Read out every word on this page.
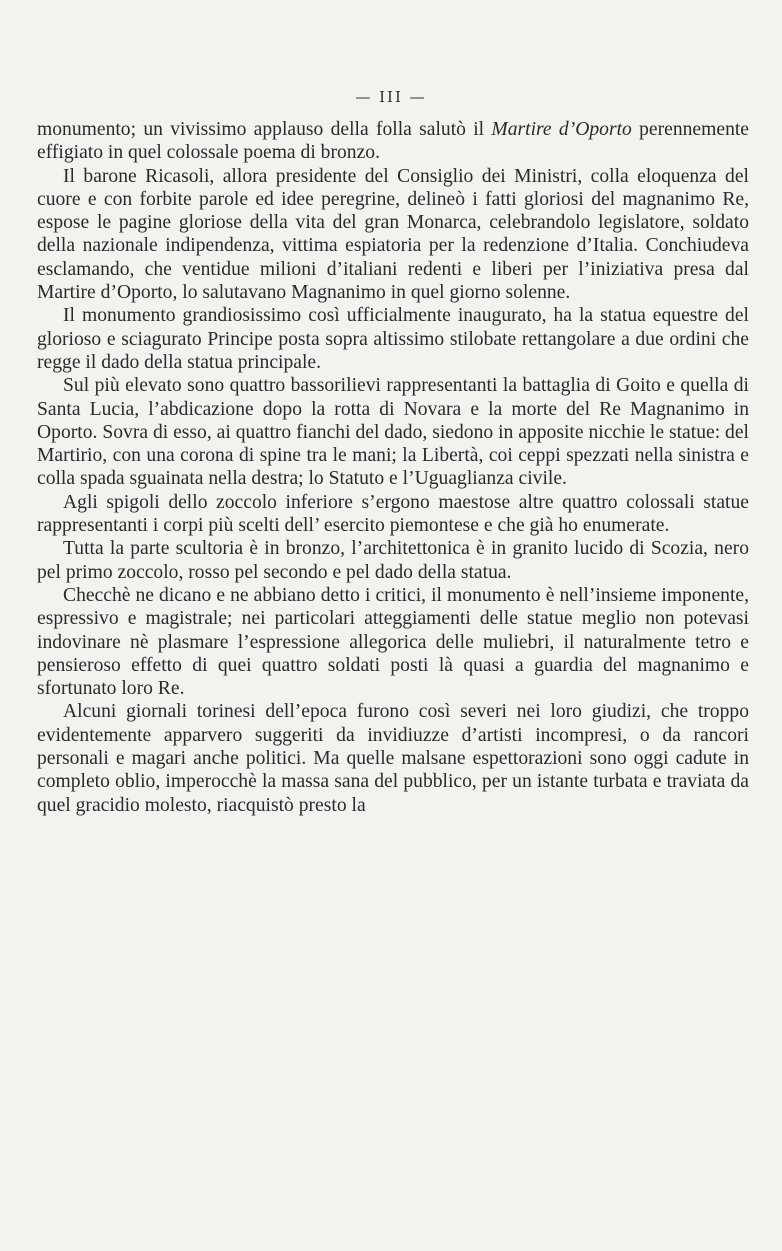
— III —

monumento; un vivissimo applauso della folla salutò il Martire d’Oporto perennemente effigiato in quel colossale poema di bronzo.

Il barone Ricasoli, allora presidente del Consiglio dei Ministri, colla eloquenza del cuore e con forbite parole ed idee peregrine, delineò i fatti gloriosi del magnanimo Re, espose le pagine gloriose della vita del gran Monarca, celebrandolo legislatore, soldato della nazionale indipendenza, vittima espiatoria per la redenzione d’Italia. Conchiudeva esclamando, che ventidue milioni d’italiani redenti e liberi per l’iniziativa presa dal Martire d’Oporto, lo salutavano Magnanimo in quel giorno solenne.

Il monumento grandiosissimo così ufficialmente inaugurato, ha la statua equestre del glorioso e sciagurato Principe posta sopra altissimo stilobate rettangolare a due ordini che regge il dado della statua principale.

Sul più elevato sono quattro bassorilievi rappresentanti la battaglia di Goito e quella di Santa Lucia, l’abdicazione dopo la rotta di Novara e la morte del Re Magnanimo in Oporto. Sovra di esso, ai quattro fianchi del dado, siedono in apposite nicchie le statue: del Martirio, con una corona di spine tra le mani; la Libertà, coi ceppi spezzati nella sinistra e colla spada sguainata nella destra; lo Statuto e l’Uguaglianza civile.

Agli spigoli dello zoccolo inferiore s’ergono maestose altre quattro colossali statue rappresentanti i corpi più scelti dell’ esercito piemontese e che già ho enumerate.

Tutta la parte scultoria è in bronzo, l’architettonica è in granito lucido di Scozia, nero pel primo zoccolo, rosso pel secondo e pel dado della statua.

Checchè ne dicano e ne abbiano detto i critici, il monumento è nell’insieme imponente, espressivo e magistrale; nei particolari atteggiamenti delle statue meglio non potevasi indovinare nè plasmare l’espressione allegorica delle muliebri, il naturalmente tetro e pensieroso effetto di quei quattro soldati posti là quasi a guardia del magnanimo e sfortunato loro Re.

Alcuni giornali torinesi dell’epoca furono così severi nei loro giudizi, che troppo evidentemente apparvero suggeriti da invidiuzze d’artisti incompresi, o da rancori personali e magari anche politici. Ma quelle malsane espettorazioni sono oggi cadute in completo oblio, imperocchè la massa sana del pubblico, per un istante turbata e traviata da quel gracidio molesto, riacquistò presto la
